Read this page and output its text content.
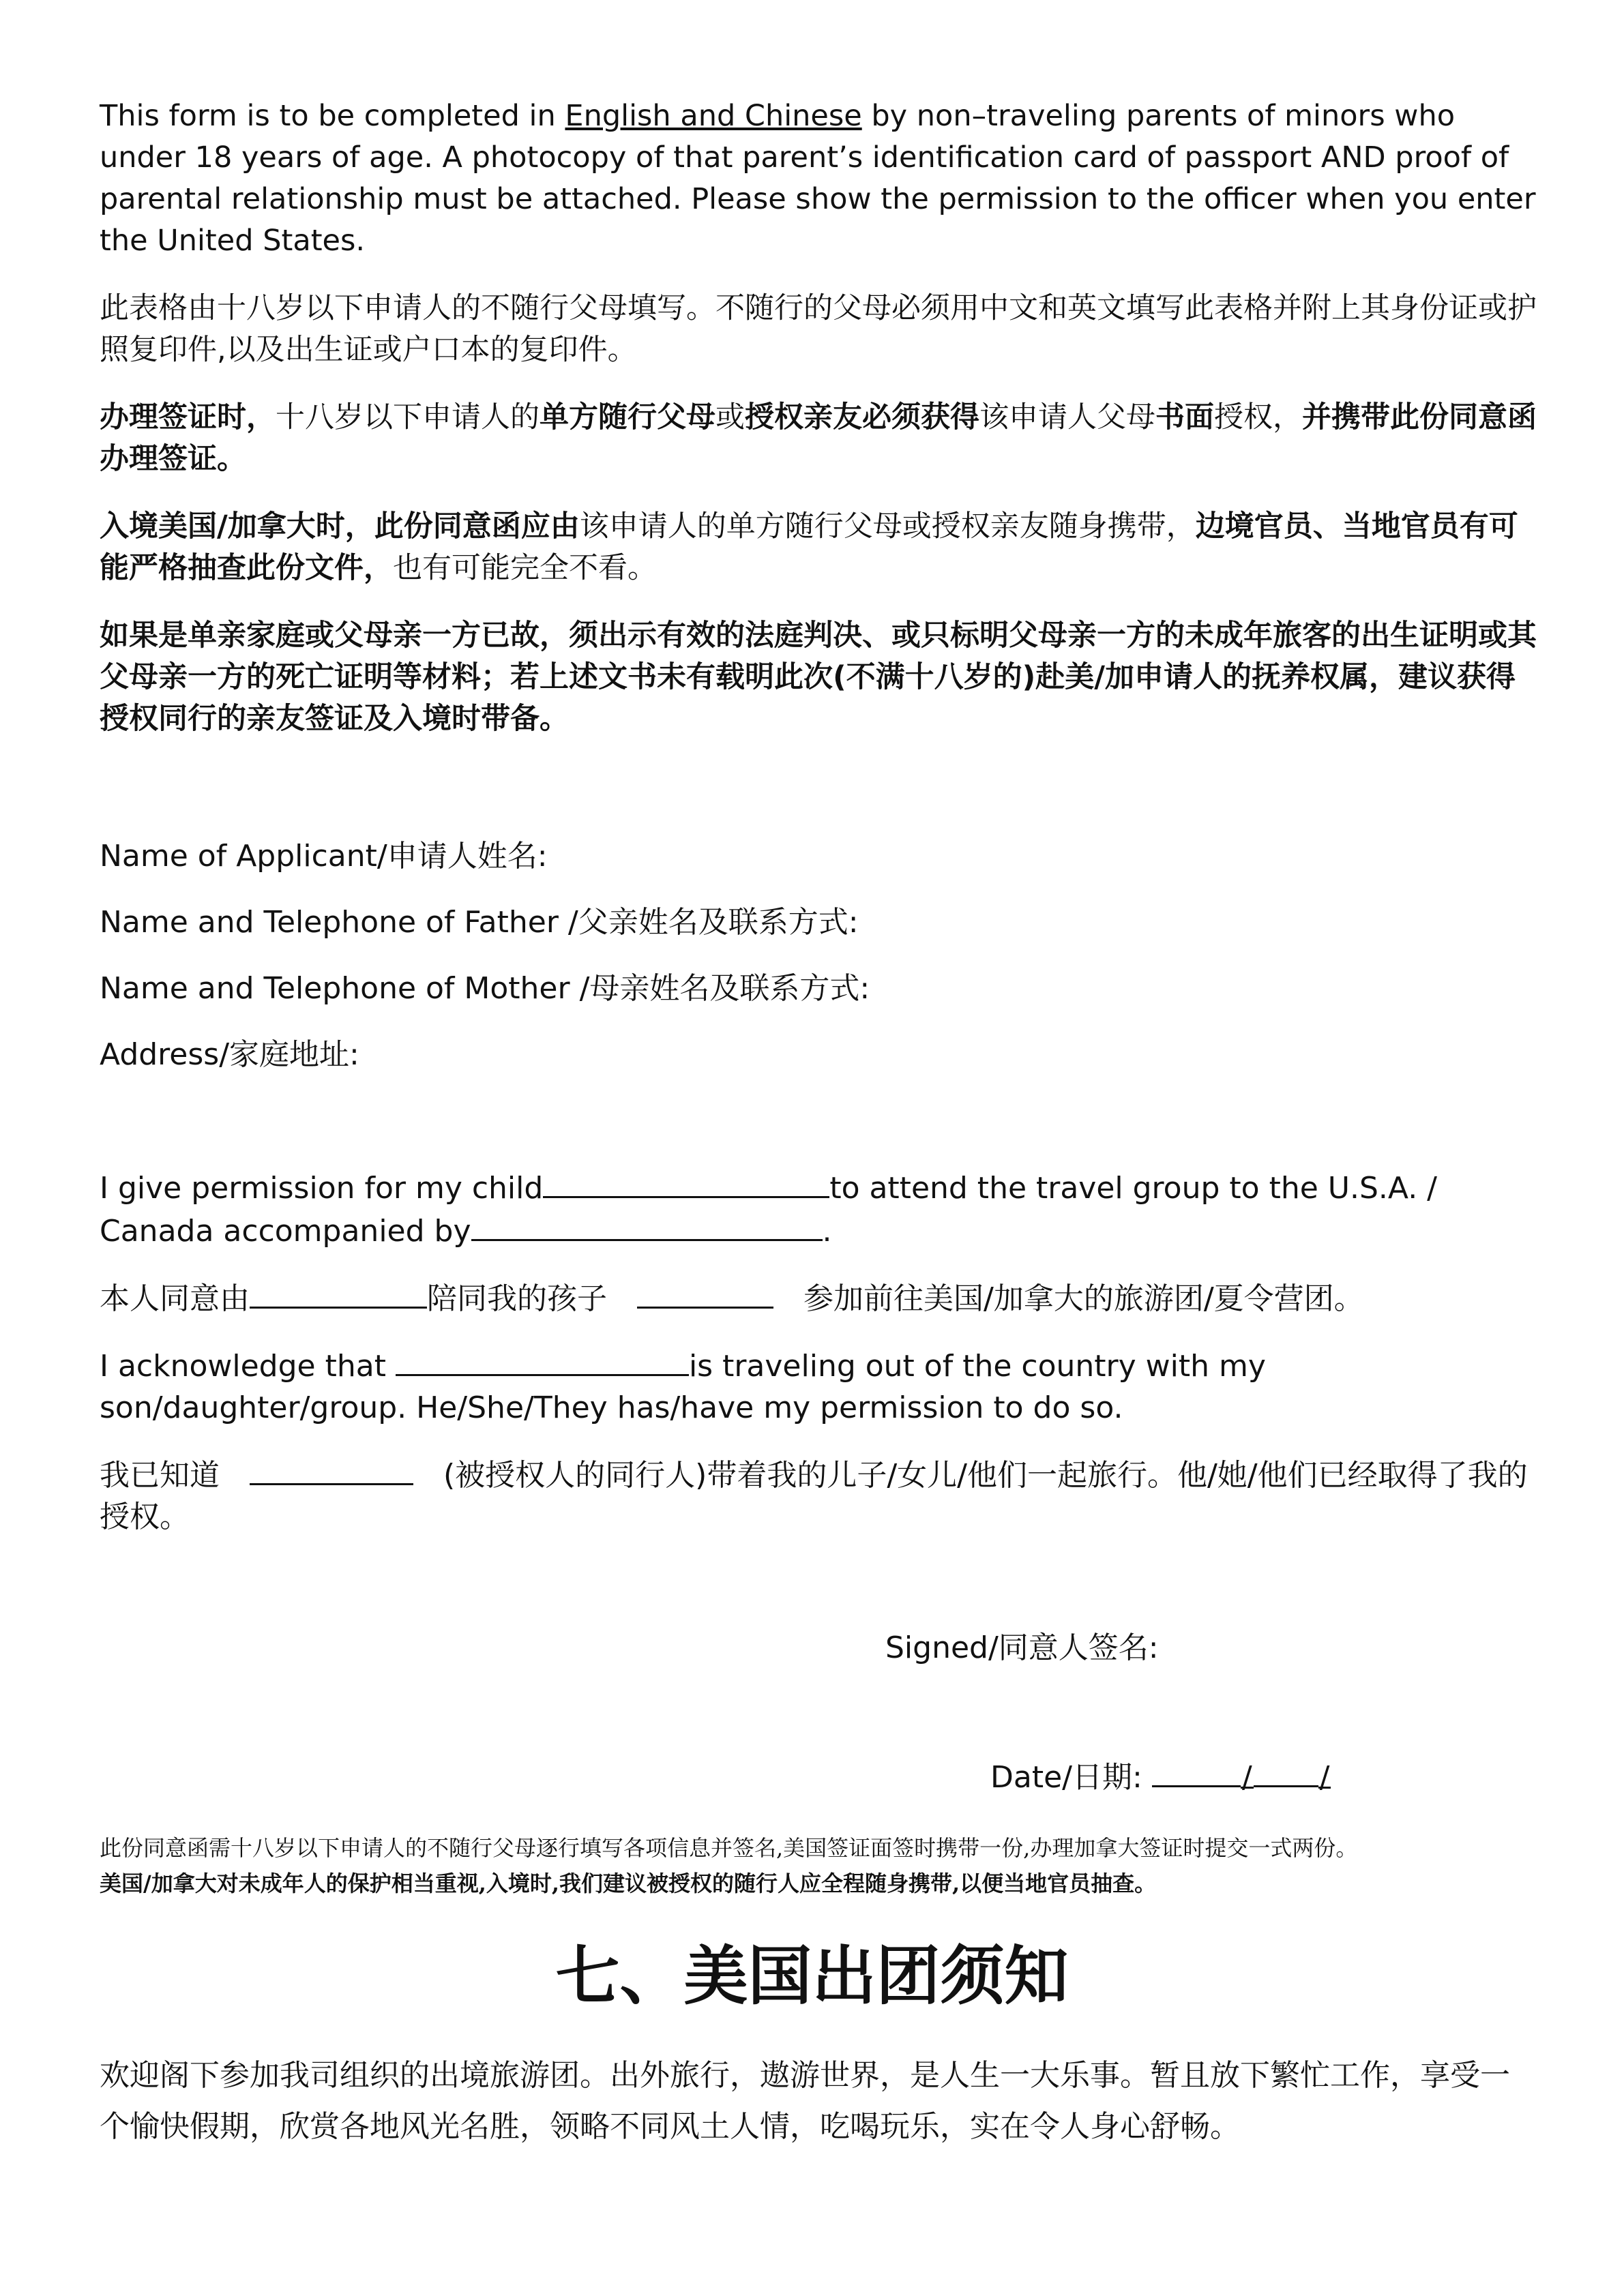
This form is to be completed in English and Chinese by non–traveling parents of minors who under 18 years of age. A photocopy of that parent’s identification card of passport AND proof of parental relationship must be attached. Please show the permission to the officer when you enter the United States.

此表格由十八岁以下申请人的不随行父母填写。不随行的父母必须用中文和英文填写此表格并附上其身份证或护照复印件,以及出生证或户口本的复印件。

办理签证时，十八岁以下申请人的单方随行父母或授权亲友必须获得该申请人父母书面授权，并携带此份同意函办理签证。

入境美国/加拿大时，此份同意函应由该申请人的单方随行父母或授权亲友随身携带，边境官员、当地官员有可能严格抽查此份文件，也有可能完全不看。

如果是单亲家庭或父母亲一方已故，须出示有效的法庭判决、或只标明父母亲一方的未成年旅客的出生证明或其父母亲一方的死亡证明等材料；若上述文书未有载明此次(不满十八岁的)赴美/加申请人的抚养权属，建议获得授权同行的亲友签证及入境时带备。

Name of Applicant/申请人姓名:

Name and Telephone of Father /父亲姓名及联系方式:

Name and Telephone of Mother /母亲姓名及联系方式:

Address/家庭地址:

I give permission for my child	to attend the travel group to the U.S.A. / Canada accompanied by	.

本人同意由	陪同我的孩子	参加前往美国/加拿大的旅游团/夏令营团。

I acknowledge that	is traveling out of the country with my son/daughter/group. He/She/They has/have my permission to do so.

我已知道	(被授权人的同行人)带着我的儿子/女儿/他们一起旅行。他/她/他们已经取得了我的授权。

Signed/同意人签名:
Date/日期:	/ /
此份同意函需十八岁以下申请人的不随行父母逐行填写各项信息并签名,美国签证面签时携带一份,办理加拿大签证时提交一式两份。
美国/加拿大对未成年人的保护相当重视,入境时,我们建议被授权的随行人应全程随身携带,以便当地官员抽查。
七、美国出团须知

欢迎阁下参加我司组织的出境旅游团。出外旅行，遨游世界，是人生一大乐事。暂且放下繁忙工作，享受一个愉快假期，欣赏各地风光名胜，领略不同风土人情，吃喝玩乐，实在令人身心舒畅。
